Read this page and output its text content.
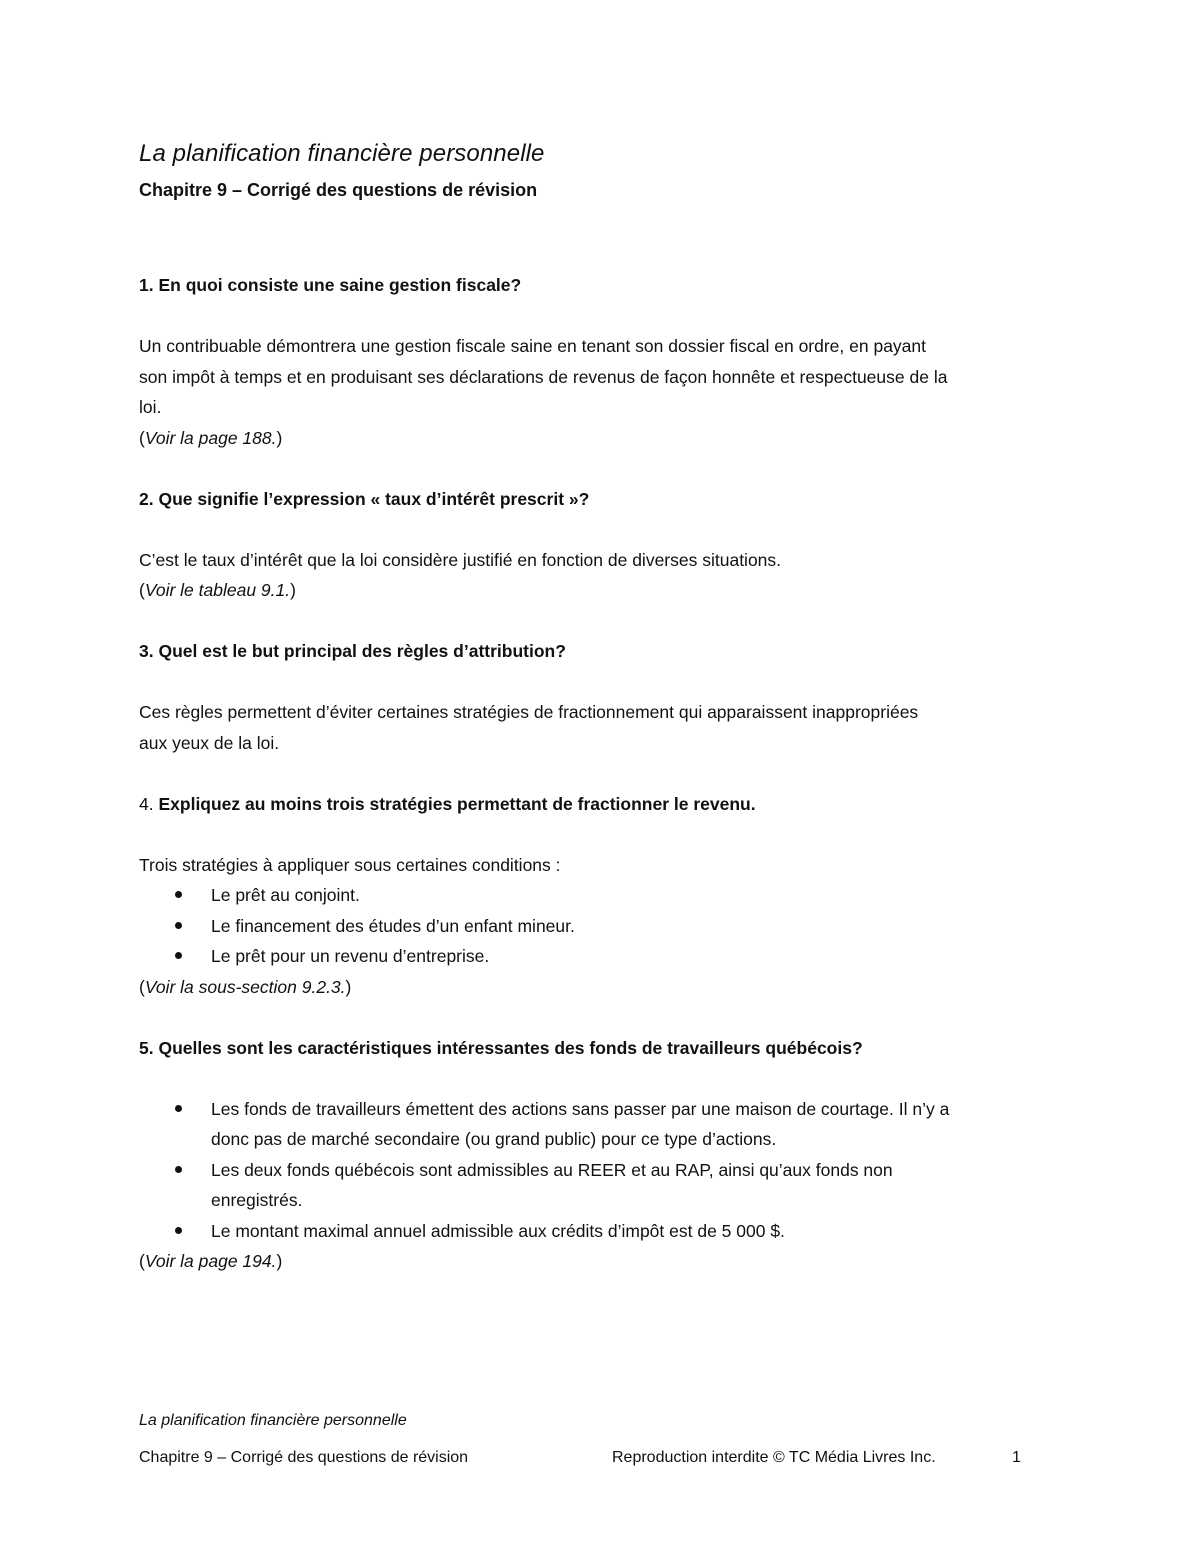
La planification financière personnelle
Chapitre 9 – Corrigé des questions de révision

1. En quoi consiste une saine gestion fiscale?

Un contribuable démontrera une gestion fiscale saine en tenant son dossier fiscal en ordre, en payant

son impôt à temps et en produisant ses déclarations de revenus de façon honnête et respectueuse de la

loi.

(Voir la page 188.)

2. Que signifie l’expression « taux d’intérêt prescrit »?

C’est le taux d’intérêt que la loi considère justifié en fonction de diverses situations.

(Voir le tableau 9.1.)

3. Quel est le but principal des règles d’attribution?

Ces règles permettent d’éviter certaines stratégies de fractionnement qui apparaissent inappropriées

aux yeux de la loi.

4. Expliquez au moins trois stratégies permettant de fractionner le revenu.

Trois stratégies à appliquer sous certaines conditions :

Le prêt au conjoint.
Le financement des études d’un enfant mineur.
Le prêt pour un revenu d’entreprise.

(Voir la sous-section 9.2.3.)

5. Quelles sont les caractéristiques intéressantes des fonds de travailleurs québécois?

Les fonds de travailleurs émettent des actions sans passer par une maison de courtage. Il n’y a
donc pas de marché secondaire (ou grand public) pour ce type d’actions.
Les deux fonds québécois sont admissibles au REER et au RAP, ainsi qu’aux fonds non
enregistrés.
Le montant maximal annuel admissible aux crédits d’impôt est de 5 000 $.

(Voir la page 194.)

La planification financière personnelle

Chapitre 9 – Corrigé des questions de révision	Reproduction interdite © TC Média Livres Inc.	1
